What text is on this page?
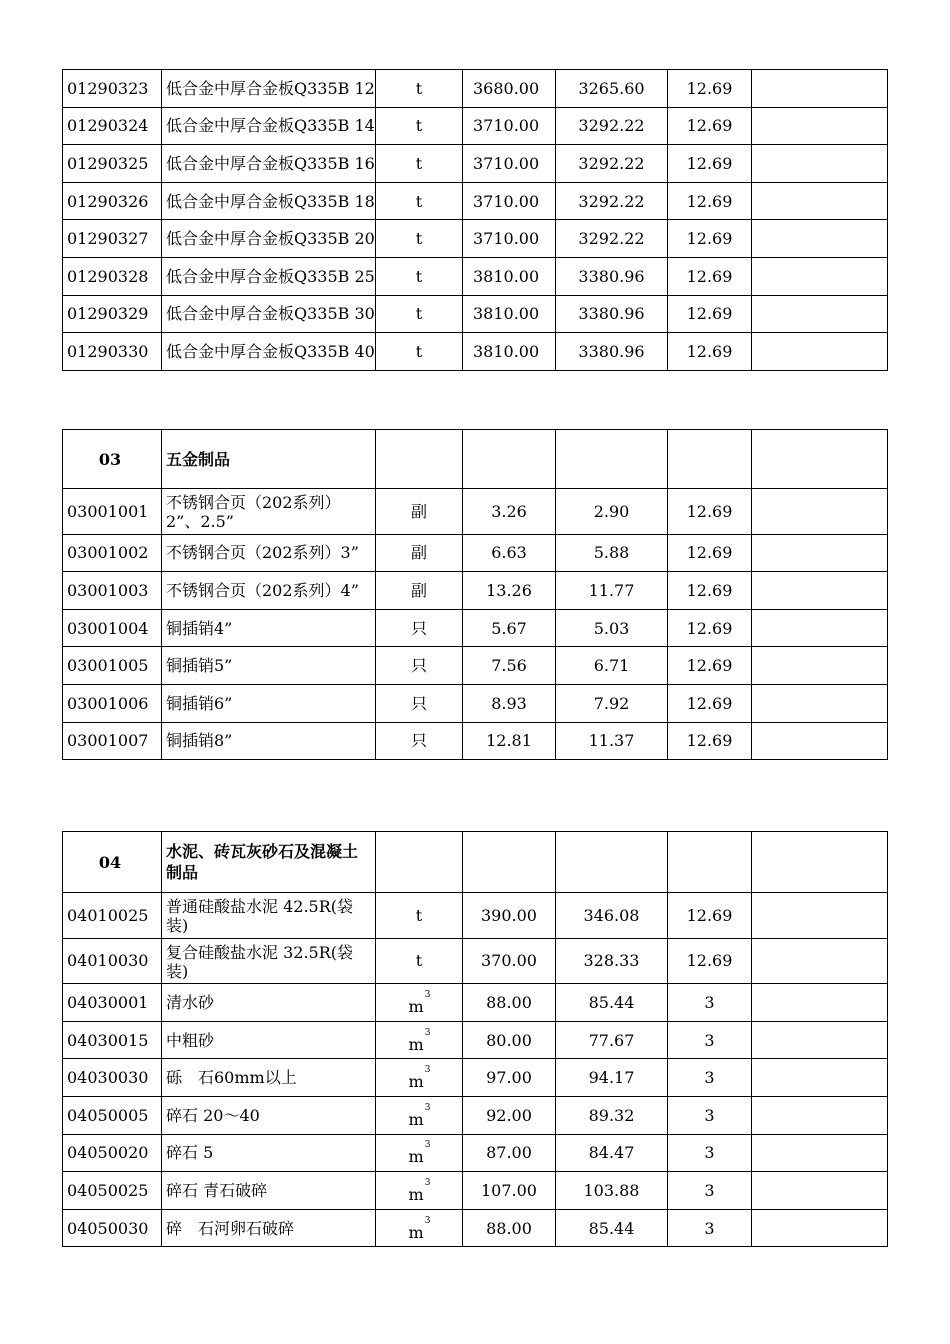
01290323	低合金中厚合金板Q335B 12	t	3680.00	3265.60	12.69	
01290324	低合金中厚合金板Q335B 14	t	3710.00	3292.22	12.69	
01290325	低合金中厚合金板Q335B 16	t	3710.00	3292.22	12.69	
01290326	低合金中厚合金板Q335B 18	t	3710.00	3292.22	12.69	
01290327	低合金中厚合金板Q335B 20	t	3710.00	3292.22	12.69	
01290328	低合金中厚合金板Q335B 25	t	3810.00	3380.96	12.69	
01290329	低合金中厚合金板Q335B 30	t	3810.00	3380.96	12.69	
01290330	低合金中厚合金板Q335B 40	t	3810.00	3380.96	12.69	
03	五金制品					
03001001	不锈钢合页（202系列）2”、2.5”	副	3.26	2.90	12.69	
03001002	不锈钢合页（202系列）3”	副	6.63	5.88	12.69	
03001003	不锈钢合页（202系列）4”	副	13.26	11.77	12.69	
03001004	铜插销4”	只	5.67	5.03	12.69	
03001005	铜插销5”	只	7.56	6.71	12.69	
03001006	铜插销6”	只	8.93	7.92	12.69	
03001007	铜插销8”	只	12.81	11.37	12.69	
04	水泥、砖瓦灰砂石及混凝土制品					
04010025	普通硅酸盐水泥 42.5R(袋装)	t	390.00	346.08	12.69	
04010030	复合硅酸盐水泥 32.5R(袋装)	t	370.00	328.33	12.69	
04030001	清水砂	$m^3$	88.00	85.44	3	
04030015	中粗砂	$m^3$	80.00	77.67	3	
04030030	砾　石60mm以上	$m^3$	97.00	94.17	3	
04050005	碎石 20～40	$m^3$	92.00	89.32	3	
04050020	碎石 5	$m^3$	87.00	84.47	3	
04050025	碎石 青石破碎	$m^3$	107.00	103.88	3	
04050030	碎　石河卵石破碎	$m^3$	88.00	85.44	3	
